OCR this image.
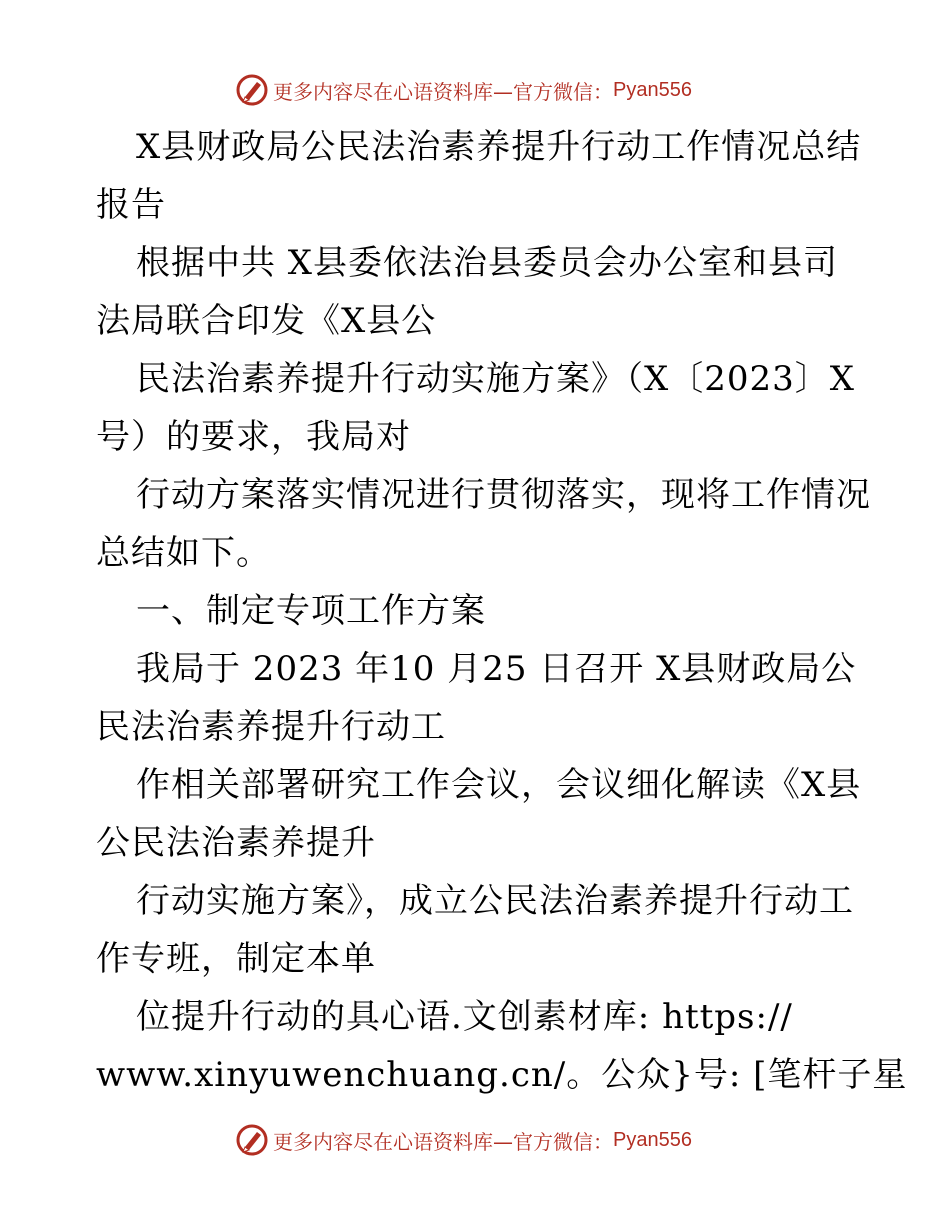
更多内容尽在心语资料库—官方微信： Pyan556
X县财政局公民法治素养提升行动工作情况总结
报告
根据中共 X县委依法治县委员会办公室和县司
法局联合印发《X县公
民法治素养提升行动实施方案》（X〔2023〕X
号）的要求，我局对
行动方案落实情况进行贯彻落实，现将工作情况
总结如下。
一、制定专项工作方案
我局于 2023 年10 月25 日召开 X县财政局公
民法治素养提升行动工
作相关部署研究工作会议，会议细化解读《X县
公民法治素养提升
行动实施方案》，成立公民法治素养提升行动工
作专班，制定本单
位提升行动的具心语.文创素材库: https://
www.xinyuwenchuang.cn/。公众}号: [笔杆子星
更多内容尽在心语资料库—官方微信： Pyan556
